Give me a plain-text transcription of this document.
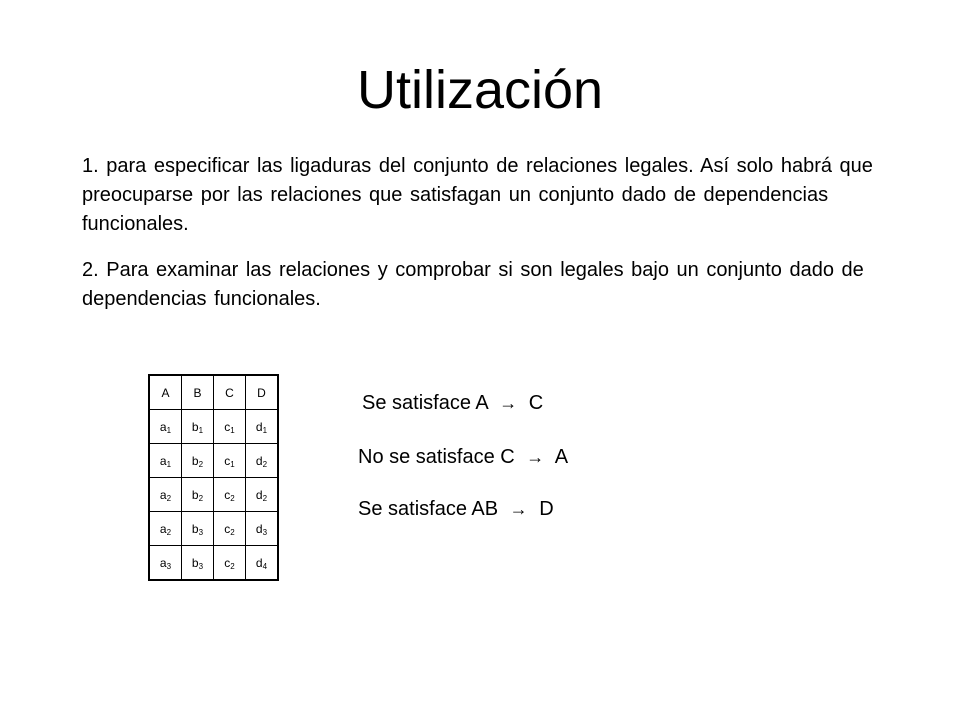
Utilización
1. para especificar las ligaduras del conjunto de relaciones legales. Así solo habrá que preocuparse por las relaciones que satisfagan un conjunto dado de dependencias funcionales.
2. Para examinar las relaciones y comprobar si son legales bajo un conjunto dado de dependencias funcionales.
A	B	C	D
$a_1$	$b_1$	$c_1$	$d_1$
$a_1$	$b_2$	$c_1$	$d_2$
$a_2$	$b_2$	$c_2$	$d_2$
$a_2$	$b_3$	$c_2$	$d_3$
$a_3$	$b_3$	$c_2$	$d_4$
Se satisface A → C
No se satisface C → A
Se satisface AB → D
